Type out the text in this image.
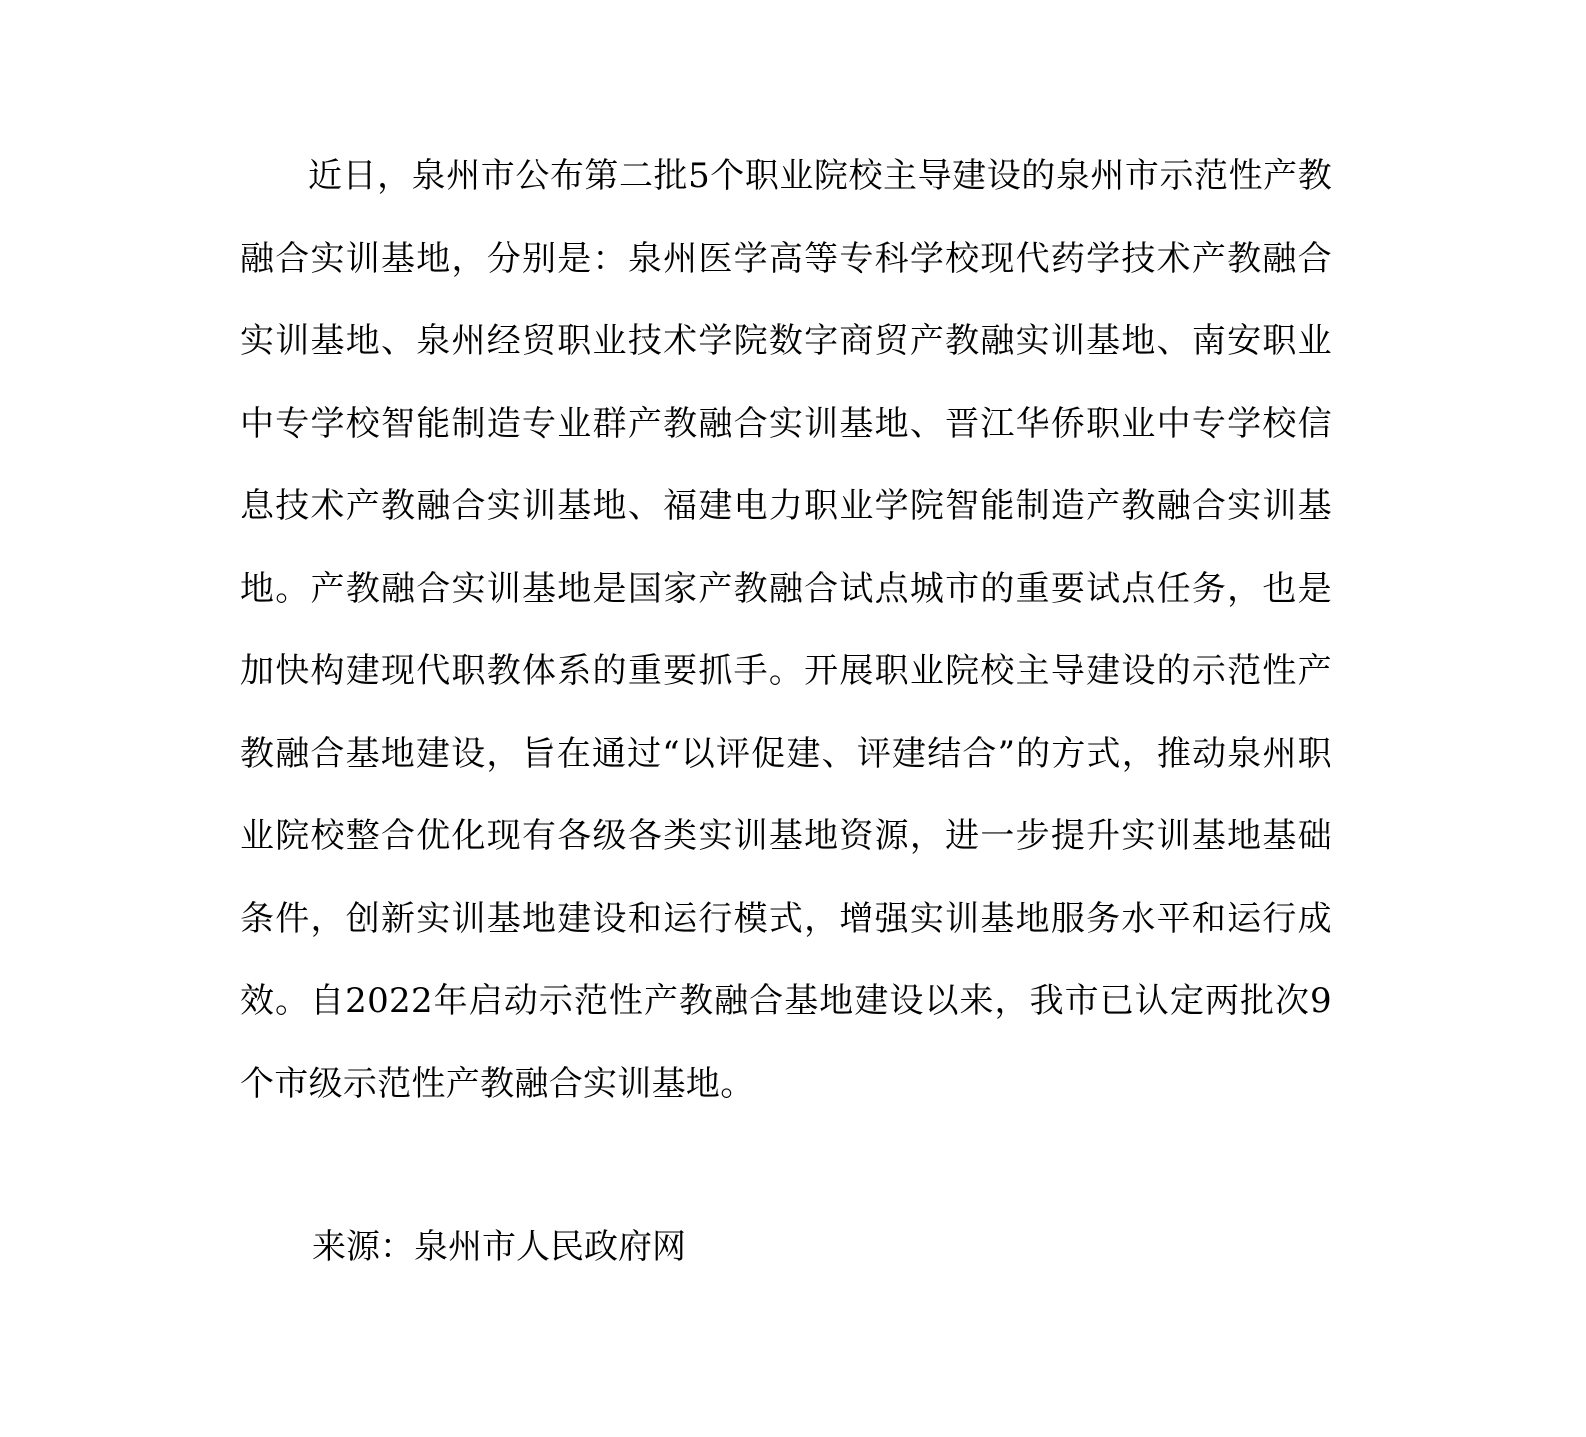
近日，泉州市公布第二批5个职业院校主导建设的泉州市示范性产教融合实训基地，分别是：泉州医学高等专科学校现代药学技术产教融合实训基地、泉州经贸职业技术学院数字商贸产教融实训基地、南安职业中专学校智能制造专业群产教融合实训基地、晋江华侨职业中专学校信息技术产教融合实训基地、福建电力职业学院智能制造产教融合实训基地。产教融合实训基地是国家产教融合试点城市的重要试点任务，也是加快构建现代职教体系的重要抓手。开展职业院校主导建设的示范性产教融合基地建设，旨在通过“以评促建、评建结合”的方式，推动泉州职业院校整合优化现有各级各类实训基地资源，进一步提升实训基地基础条件，创新实训基地建设和运行模式，增强实训基地服务水平和运行成效。自2022年启动示范性产教融合基地建设以来，我市已认定两批次9个市级示范性产教融合实训基地。

来源：泉州市人民政府网
